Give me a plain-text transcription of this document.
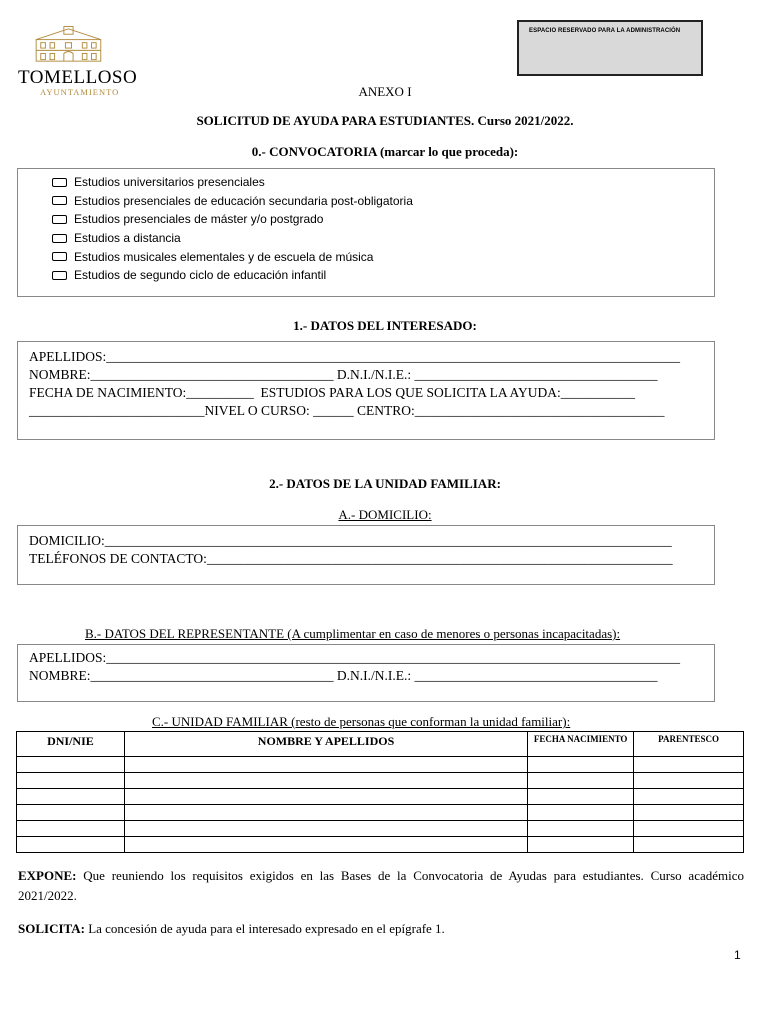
TOMELLOSO
AYUNTAMIENTO
ESPACIO RESERVADO PARA LA ADMINISTRACIÓN
ANEXO I
SOLICITUD DE AYUDA PARA ESTUDIANTES. Curso 2021/2022.
0.- CONVOCATORIA (marcar lo que proceda):
Estudios universitarios presenciales
Estudios presenciales de educación secundaria post-obligatoria
Estudios presenciales de máster y/o postgrado
Estudios a distancia
Estudios musicales elementales y de escuela de música
Estudios de segundo ciclo de educación infantil
1.- DATOS DEL INTERESADO:
APELLIDOS:_____________________________________________________________________________________
NOMBRE:____________________________________ D.N.I./N.I.E.: ____________________________________
FECHA DE NACIMIENTO:__________  ESTUDIOS PARA LOS QUE SOLICITA LA AYUDA:___________
__________________________NIVEL O CURSO: ______ CENTRO:_____________________________________
2.- DATOS DE LA UNIDAD FAMILIAR:
A.- DOMICILIO:
DOMICILIO:____________________________________________________________________________________
TELÉFONOS DE CONTACTO:_____________________________________________________________________
B.- DATOS DEL REPRESENTANTE (A cumplimentar en caso de menores o personas incapacitadas):
APELLIDOS:_____________________________________________________________________________________
NOMBRE:____________________________________ D.N.I./N.I.E.: ____________________________________
C.- UNIDAD FAMILIAR (resto de personas que conforman la unidad familiar):
DNI/NIE	NOMBRE Y APELLIDOS	FECHA NACIMIENTO	PARENTESCO

EXPONE: Que reuniendo los requisitos exigidos en las Bases de la Convocatoria de Ayudas para estudiantes. Curso académico 2021/2022.
SOLICITA: La concesión de ayuda para el interesado expresado en el epígrafe 1.
1
